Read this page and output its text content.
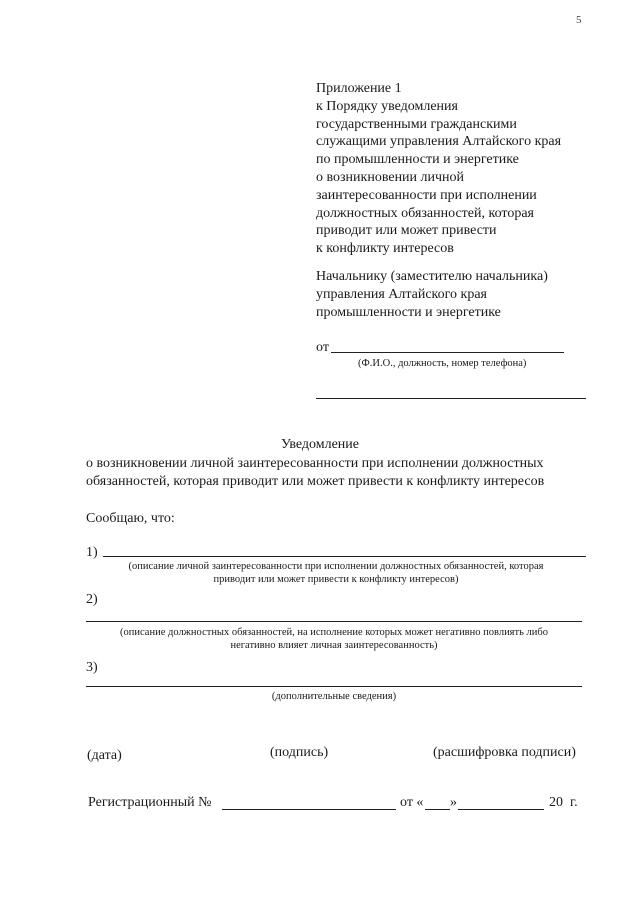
5
Приложение 1
к Порядку уведомления
государственными гражданскими
служащими управления Алтайского края
по промышленности и энергетике
о возникновении личной
заинтересованности при исполнении
должностных обязанностей, которая
приводит или может привести
к конфликту интересов
Начальнику (заместителю начальника)
управления Алтайского края
промышленности и энергетике
от
(Ф.И.О., должность, номер телефона)
Уведомление
о возникновении личной заинтересованности при исполнении должностных
обязанностей, которая приводит или может привести к конфликту интересов
Сообщаю, что:
1)
(описание личной заинтересованности при исполнении должностных обязанностей, которая
приводит или может привести к конфликту интересов)
2)
(описание должностных обязанностей, на исполнение которых может негативно повлиять либо
негативно влияет личная заинтересованность)
3)
(дополнительные сведения)
(дата)	(подпись)	(расшифровка подписи)
Регистрационный №	от « »	20 г.
